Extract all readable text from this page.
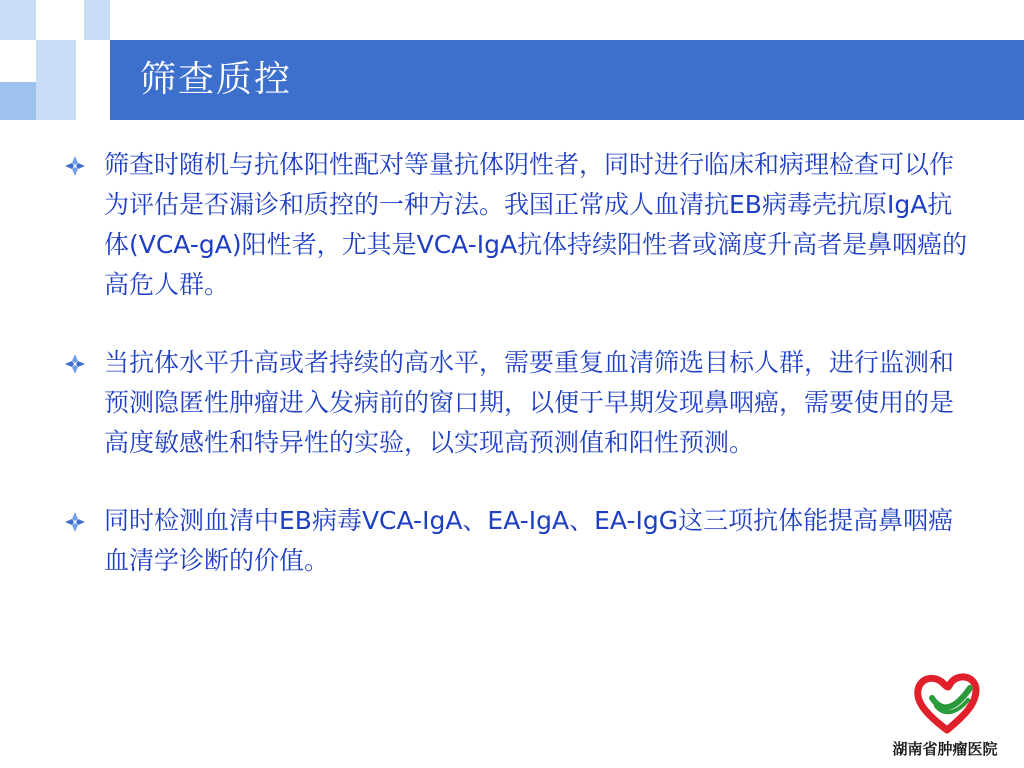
筛查质控
筛查时随机与抗体阳性配对等量抗体阴性者，同时进行临床和病理检查可以作为评估是否漏诊和质控的一种方法。我国正常成人血清抗EB病毒壳抗原IgA抗体(VCA-gA)阳性者，尤其是VCA-IgA抗体持续阳性者或滴度升高者是鼻咽癌的高危人群。
当抗体水平升高或者持续的高水平，需要重复血清筛选目标人群，进行监测和预测隐匿性肿瘤进入发病前的窗口期，以便于早期发现鼻咽癌，需要使用的是高度敏感性和特异性的实验，以实现高预测值和阳性预测。
同时检测血清中EB病毒VCA-IgA、EA-IgA、EA-IgG这三项抗体能提高鼻咽癌血清学诊断的价值。
湖南省肿瘤医院
